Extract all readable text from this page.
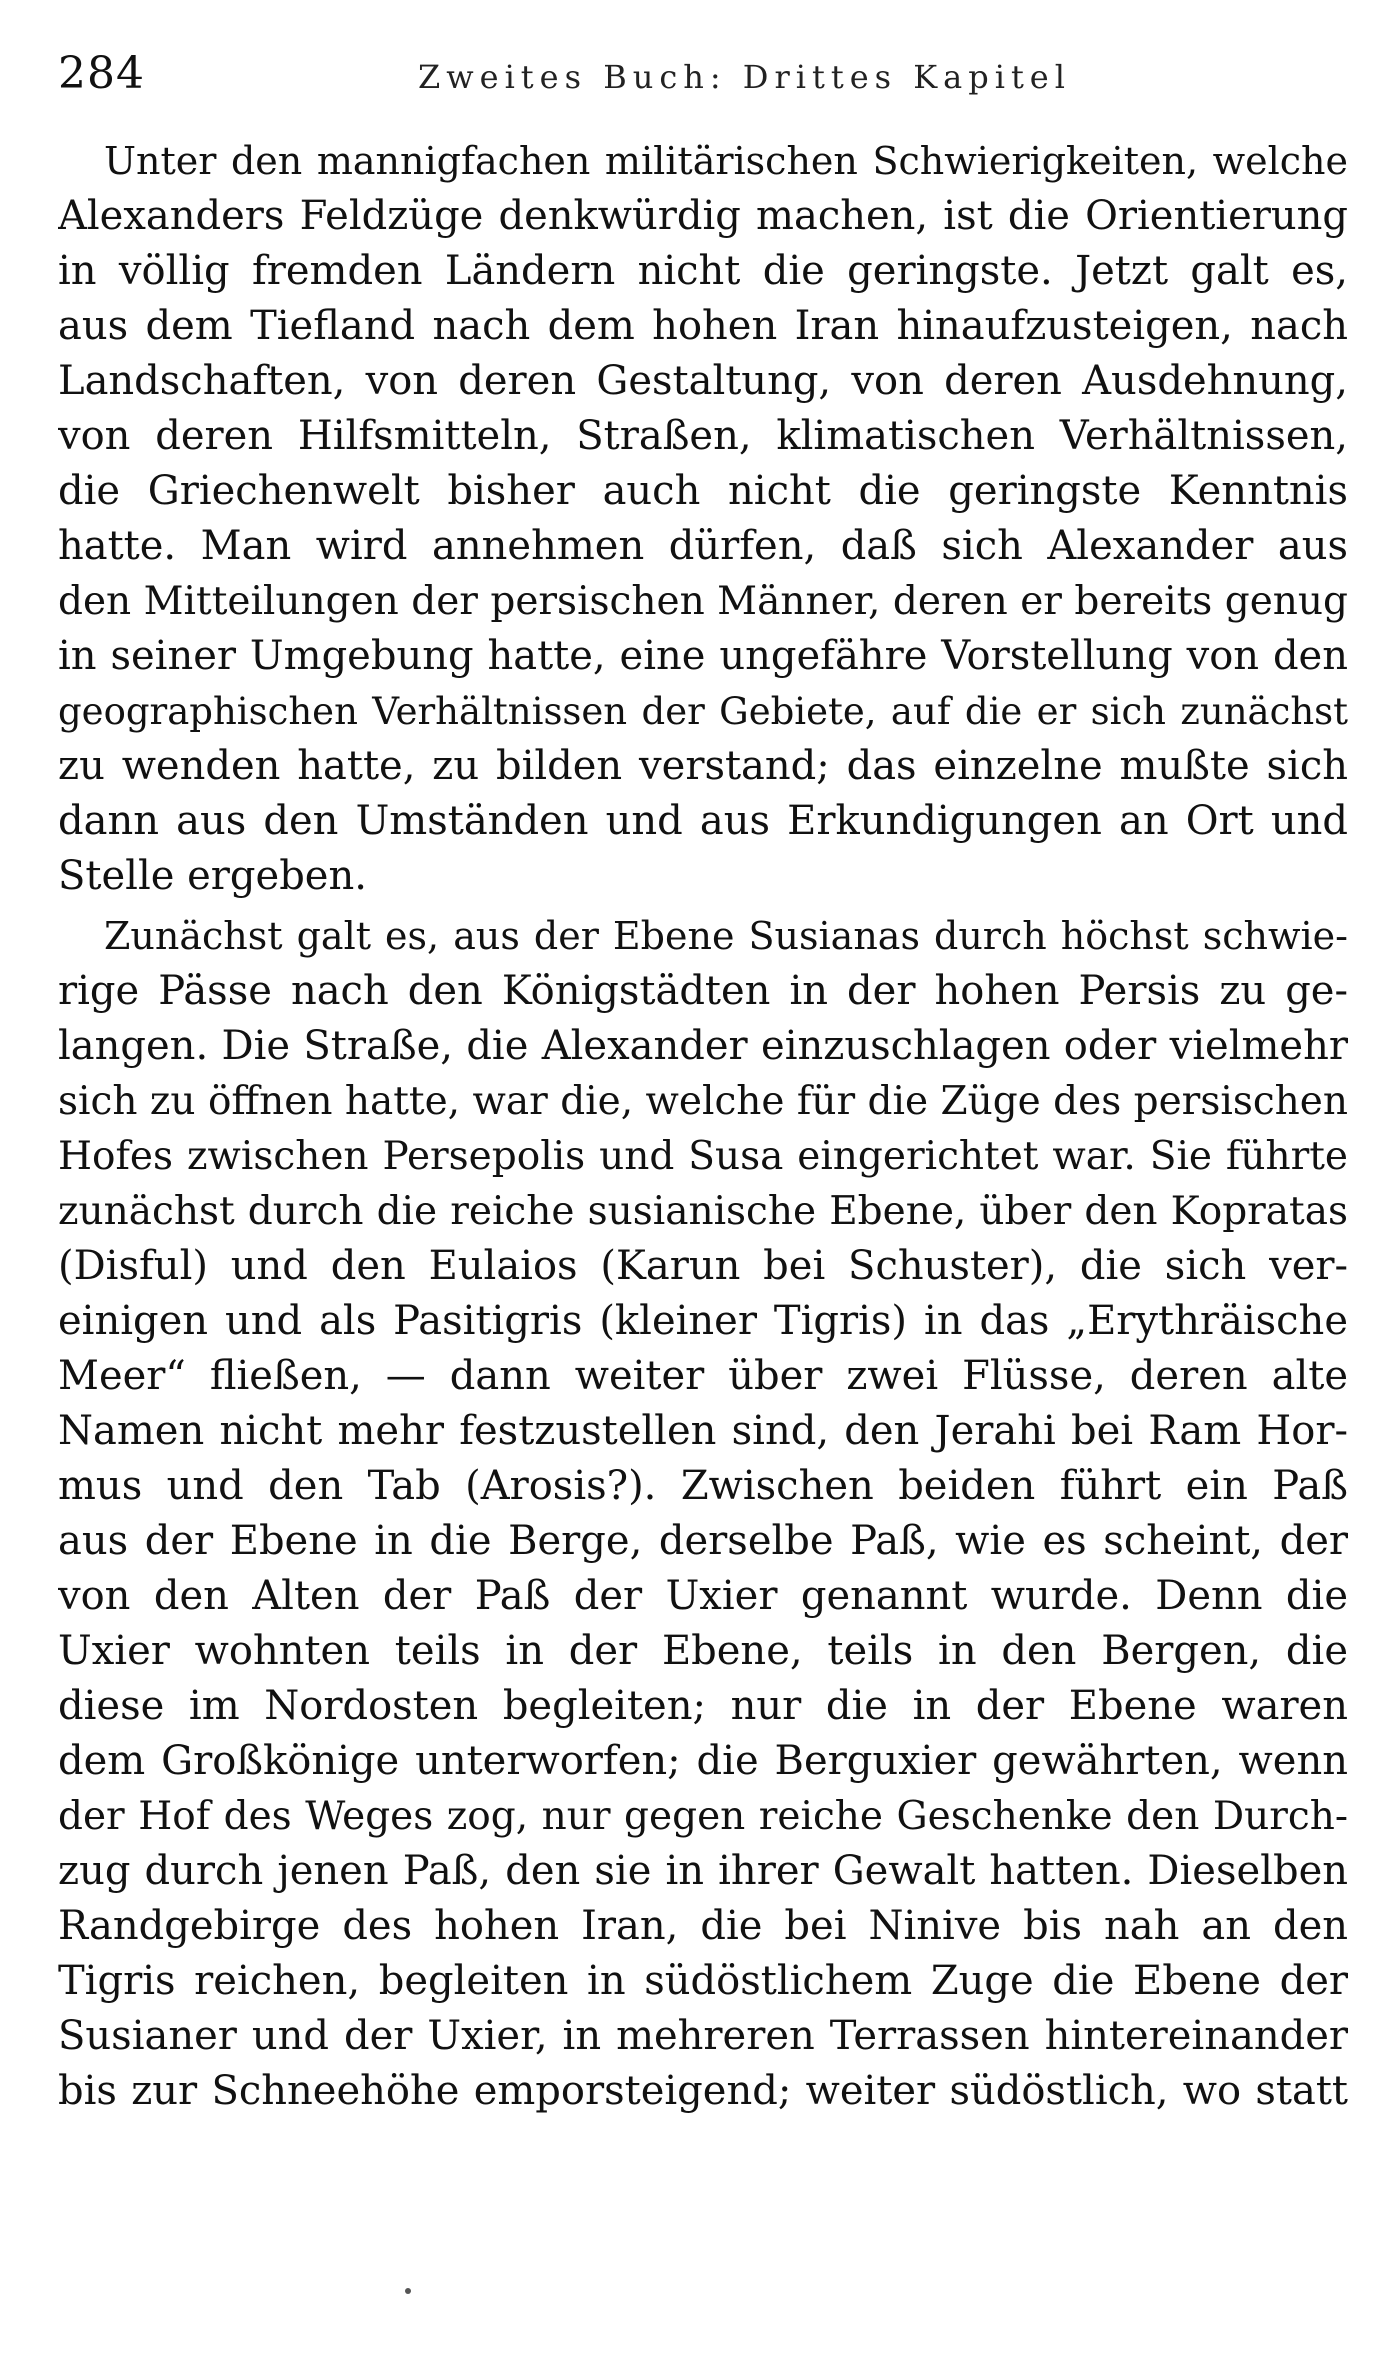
284	Zweites Buch: Drittes Kapitel
Unter den mannigfachen militärischen Schwierigkeiten, welche
Alexanders Feldzüge denkwürdig machen, ist die Orientierung
in völlig fremden Ländern nicht die geringste. Jetzt galt es,
aus dem Tiefland nach dem hohen Iran hinaufzusteigen, nach
Landschaften, von deren Gestaltung, von deren Ausdehnung,
von deren Hilfsmitteln, Straßen, klimatischen Verhältnissen,
die Griechenwelt bisher auch nicht die geringste Kenntnis
hatte. Man wird annehmen dürfen, daß sich Alexander aus
den Mitteilungen der persischen Männer, deren er bereits genug
in seiner Umgebung hatte, eine ungefähre Vorstellung von den
geographischen Verhältnissen der Gebiete, auf die er sich zunächst
zu wenden hatte, zu bilden verstand; das einzelne mußte sich
dann aus den Umständen und aus Erkundigungen an Ort und
Stelle ergeben.
Zunächst galt es, aus der Ebene Susianas durch höchst schwie-
rige Pässe nach den Königstädten in der hohen Persis zu ge-
langen. Die Straße, die Alexander einzuschlagen oder vielmehr
sich zu öffnen hatte, war die, welche für die Züge des persischen
Hofes zwischen Persepolis und Susa eingerichtet war. Sie führte
zunächst durch die reiche susianische Ebene, über den Kopratas
(Disful) und den Eulaios (Karun bei Schuster), die sich ver-
einigen und als Pasitigris (kleiner Tigris) in das „Erythräische
Meer“ fließen, — dann weiter über zwei Flüsse, deren alte
Namen nicht mehr festzustellen sind, den Jerahi bei Ram Hor-
mus und den Tab (Arosis?). Zwischen beiden führt ein Paß
aus der Ebene in die Berge, derselbe Paß, wie es scheint, der
von den Alten der Paß der Uxier genannt wurde. Denn die
Uxier wohnten teils in der Ebene, teils in den Bergen, die
diese im Nordosten begleiten; nur die in der Ebene waren
dem Großkönige unterworfen; die Berguxier gewährten, wenn
der Hof des Weges zog, nur gegen reiche Geschenke den Durch-
zug durch jenen Paß, den sie in ihrer Gewalt hatten. Dieselben
Randgebirge des hohen Iran, die bei Ninive bis nah an den
Tigris reichen, begleiten in südöstlichem Zuge die Ebene der
Susianer und der Uxier, in mehreren Terrassen hintereinander
bis zur Schneehöhe emporsteigend; weiter südöstlich, wo statt
